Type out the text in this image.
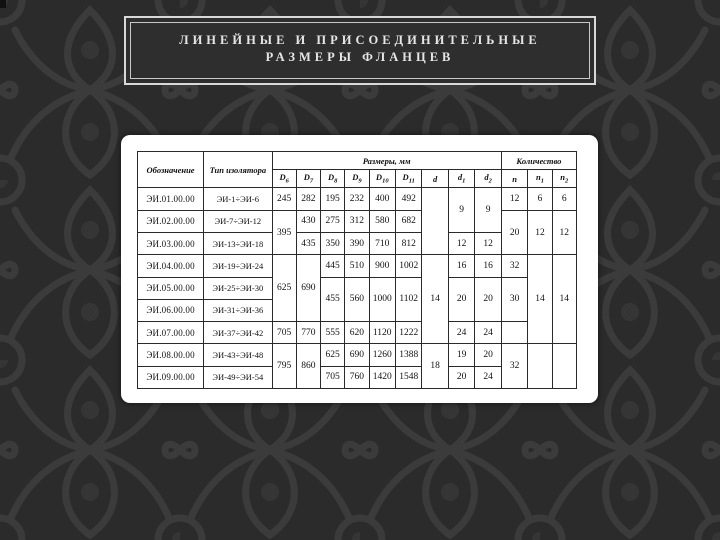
ЛИНЕЙНЫЕ И ПРИСОЕДИНИТЕЛЬНЫЕ
РАЗМЕРЫ ФЛАНЦЕВ
Обозначение	Тип изолятора	Размеры, мм									Количество		
		$D_6$	$D_7$	$D_8$	$D_9$	$D_{10}$	$D_{11}$	d	$d_1$	$d_2$	n	$n_1$	$n_2$
ЭИ.01.00.00	ЭИ-1÷ЭИ-6	245	282	195	232	400	492		9	9	12	6	6
ЭИ.02.00.00	ЭИ-7÷ЭИ-12	395	430	275	312	580	682				20	12	12
ЭИ.03.00.00	ЭИ-13÷ЭИ-18		435	350	390	710	812		12	12			
ЭИ.04.00.00	ЭИ-19÷ЭИ-24	625	690	445	510	900	1002	14	16	16	32	14	14
ЭИ.05.00.00	ЭИ-25÷ЭИ-30			455	560	1000	1102		20	20	30		
ЭИ.06.00.00	ЭИ-31÷ЭИ-36												
ЭИ.07.00.00	ЭИ-37÷ЭИ-42	705	770	555	620	1120	1222		24	24			
ЭИ.08.00.00	ЭИ-43÷ЭИ-48	795	860	625	690	1260	1388	18	19	20	32		
ЭИ.09.00.00	ЭИ-49÷ЭИ-54			705	760	1420	1548		20	24			
